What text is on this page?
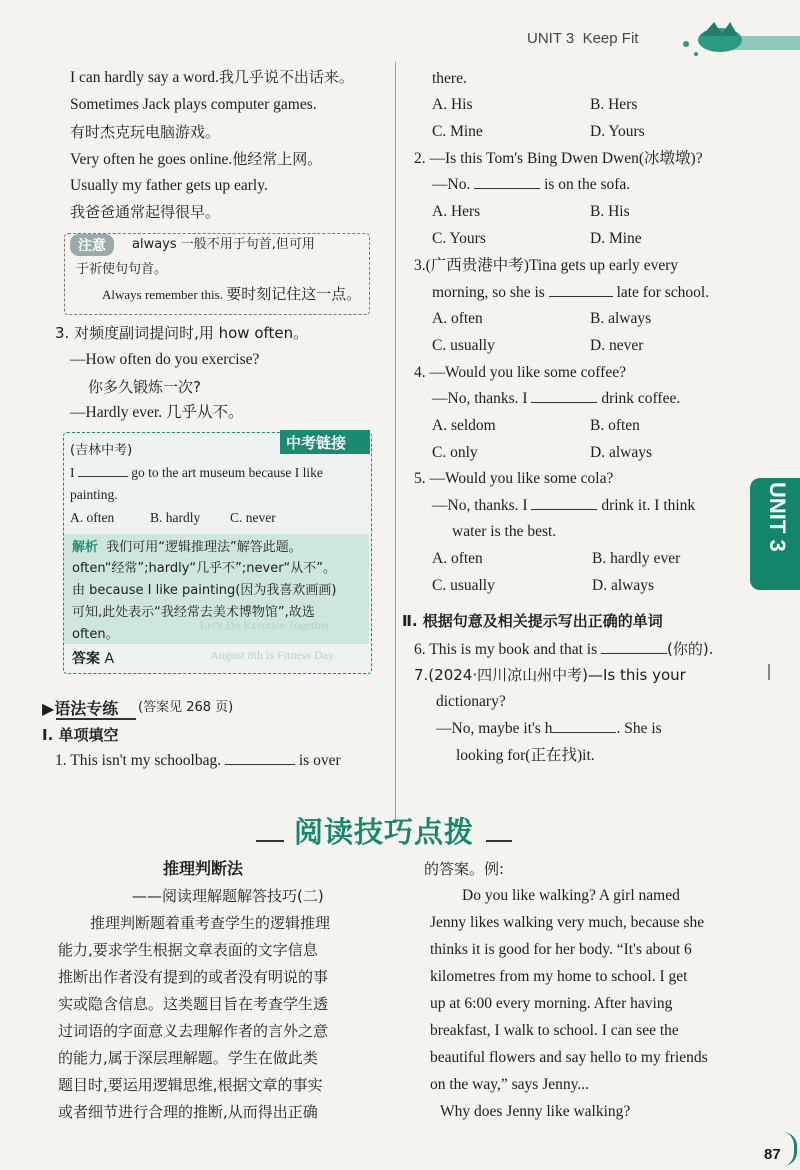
UNIT 3 Keep Fit
I can hardly say a word.我几乎说不出话来。
Sometimes Jack plays computer games.
有时杰克玩电脑游戏。
Very often he goes online.他经常上网。
Usually my father gets up early.
我爸爸通常起得很早。
注意	always 一般不用于句首,但可用
于祈使句句首。
Always remember this. 要时刻记住这一点。
3. 对频度副词提问时,用 how often。
—How often do you exercise?
你多久锻炼一次?
—Hardly ever. 几乎从不。
中考链接
(吉林中考)
I	go to the art museum because I like
painting.
A. often	B. hardly C. never
Let's Do Exercise Together
August 8th is Fitness Day
解析 我们可用“逻辑推理法”解答此题。
often“经常”;hardly“几乎不”;never“从不”。
由 because I like painting(因为我喜欢画画)
可知,此处表示“我经常去美术博物馆”,故选
often。
答案 A
▶语法专练 (答案见 268 页)
Ⅰ. 单项填空
1. This isn't my schoolbag.	is over
there.
A. His	B. Hers
C. Mine	D. Yours
2. —Is this Tom's Bing Dwen Dwen(冰墩墩)?
—No.	is on the sofa.
A. Hers	B. His
C. Yours	D. Mine
3.(广西贵港中考)Tina gets up early every
morning, so she is	late for school.
A. often	B. always
C. usually	D. never
4. —Would you like some coffee?
—No, thanks. I	drink coffee.
A. seldom	B. often
C. only	D. always
5. —Would you like some cola?
—No, thanks. I	drink it. I think
water is the best.
A. often	B. hardly ever
C. usually	D. always
Ⅱ. 根据句意及相关提示写出正确的单词
6. This is my book and that is	(你的).
7.(2024·四川凉山州中考)—Is this your
dictionary?
—No, maybe it's h	. She is
looking for(正在找)it.
UNIT 3
阅读技巧点拨
推理判断法
——阅读理解题解答技巧(二)
推理判断题着重考查学生的逻辑推理
能力,要求学生根据文章表面的文字信息
推断出作者没有提到的或者没有明说的事
实或隐含信息。这类题目旨在考查学生透
过词语的字面意义去理解作者的言外之意
的能力,属于深层理解题。学生在做此类
题目时,要运用逻辑思维,根据文章的事实
或者细节进行合理的推断,从而得出正确
的答案。例:
Do you like walking? A girl named
Jenny likes walking very much, because she
thinks it is good for her body. “It's about 6
kilometres from my home to school. I get
up at 6:00 every morning. After having
breakfast, I walk to school. I can see the
beautiful flowers and say hello to my friends
on the way,” says Jenny...
Why does Jenny like walking?
87
